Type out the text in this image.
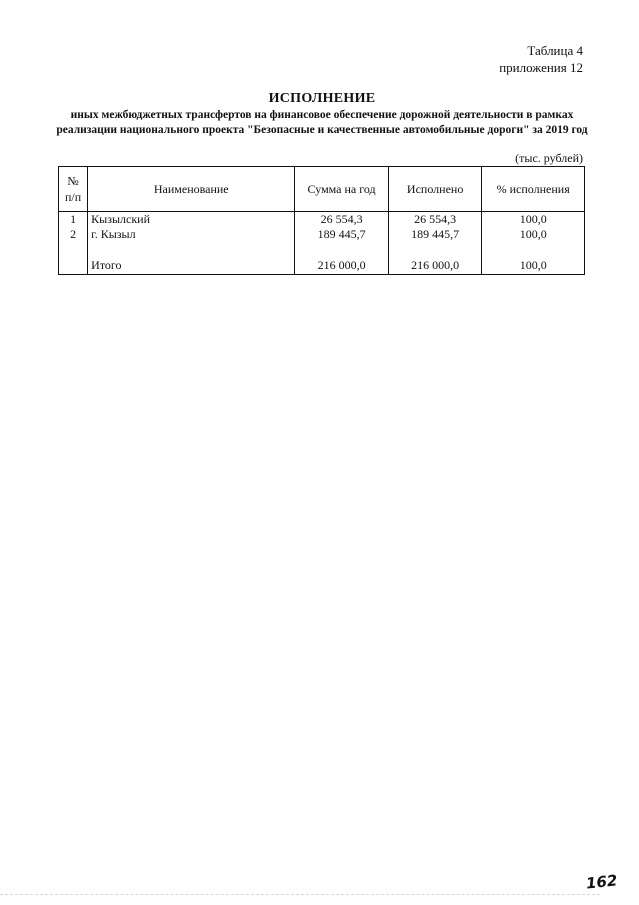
Таблица 4
приложения 12
ИСПОЛНЕНИЕ
иных межбюджетных трансфертов на финансовое обеспечение дорожной деятельности в рамках реализации национального проекта "Безопасные и качественные автомобильные дороги" за 2019 год
(тыс. рублей)
№ п/п	Наименование	Сумма на год	Исполнено	% исполнения
1	Кызылский	26 554,3	26 554,3	100,0
2	г. Кызыл	189 445,7	189 445,7	100,0

	Итого	216 000,0	216 000,0	100,0
162
